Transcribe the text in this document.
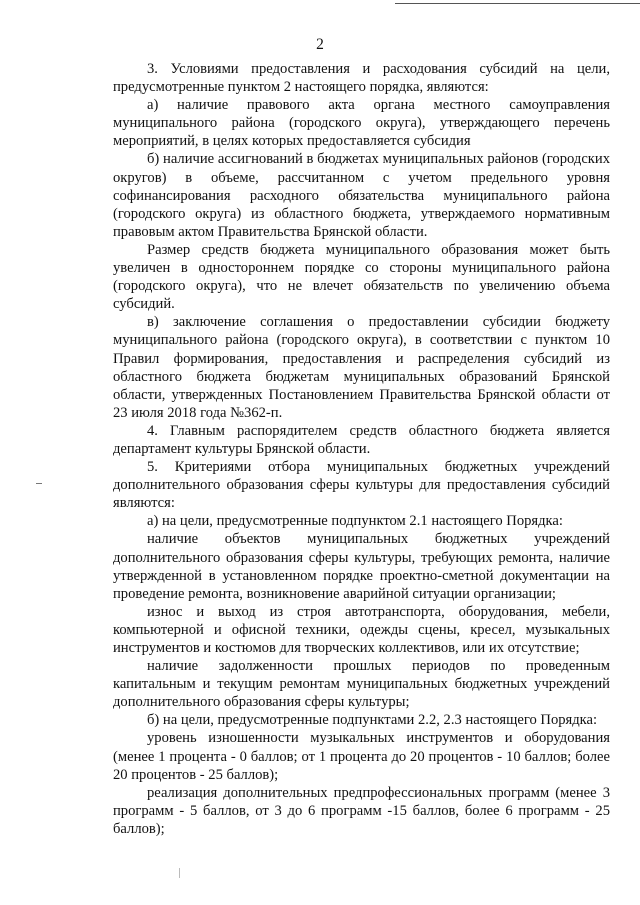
2

3. Условиями предоставления и расходования субсидий на цели, предусмотренные пунктом 2 настоящего порядка, являются:

а) наличие правового акта органа местного самоуправления муниципального района (городского округа), утверждающего перечень мероприятий, в целях которых предоставляется субсидия

б) наличие ассигнований в бюджетах муниципальных районов (городских округов) в объеме, рассчитанном с учетом предельного уровня софинансирования расходного обязательства муниципального района (городского округа) из областного бюджета, утверждаемого нормативным правовым актом Правительства Брянской области.

Размер средств бюджета муниципального образования может быть увеличен в одностороннем порядке со стороны муниципального района (городского округа), что не влечет обязательств по увеличению объема субсидий.

в) заключение соглашения о предоставлении субсидии бюджету муниципального района (городского округа), в соответствии с пунктом 10 Правил формирования, предоставления и распределения субсидий из областного бюджета бюджетам муниципальных образований Брянской области, утвержденных Постановлением Правительства Брянской области от 23 июля 2018 года №362-п.

4. Главным распорядителем средств областного бюджета является департамент культуры Брянской области.

5. Критериями отбора муниципальных бюджетных учреждений дополнительного образования сферы культуры для предоставления субсидий являются:

а) на цели, предусмотренные подпунктом 2.1 настоящего Порядка:

наличие объектов муниципальных бюджетных учреждений дополнительного образования сферы культуры, требующих ремонта, наличие утвержденной в установленном порядке проектно-сметной документации на проведение ремонта, возникновение аварийной ситуации организации;

износ и выход из строя автотранспорта, оборудования, мебели, компьютерной и офисной техники, одежды сцены, кресел, музыкальных инструментов и костюмов для творческих коллективов, или их отсутствие;

наличие задолженности прошлых периодов по проведенным капитальным и текущим ремонтам муниципальных бюджетных учреждений дополнительного образования сферы культуры;

б) на цели, предусмотренные подпунктами 2.2, 2.3 настоящего Порядка:

уровень изношенности музыкальных инструментов и оборудования (менее 1 процента - 0 баллов; от 1 процента до 20 процентов - 10 баллов; более 20 процентов - 25 баллов);

реализация дополнительных предпрофессиональных программ (менее 3 программ - 5 баллов, от 3 до 6 программ -15 баллов, более 6 программ - 25 баллов);
